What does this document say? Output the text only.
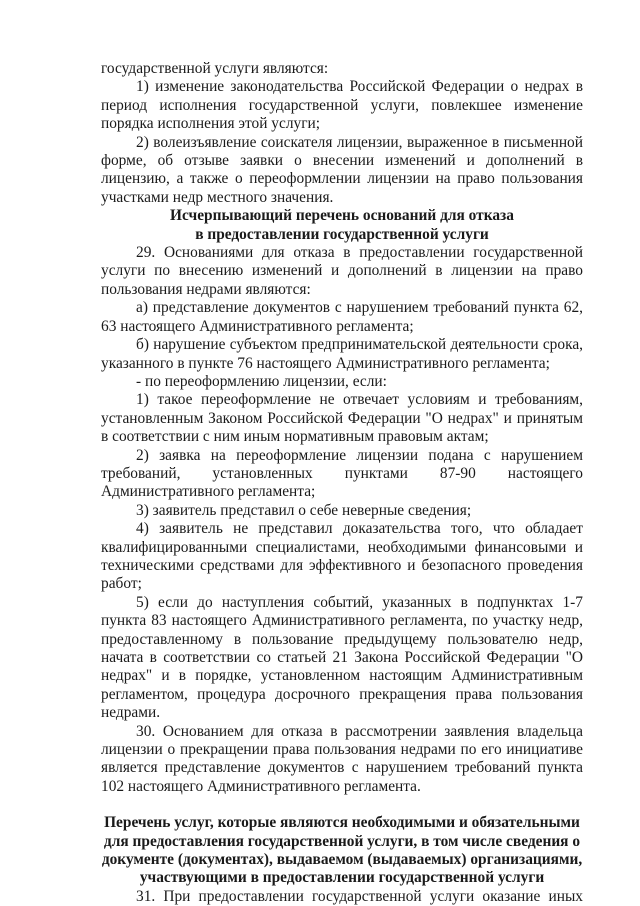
государственной услуги являются:

1) изменение законодательства Российской Федерации о недрах в период исполнения государственной услуги, повлекшее изменение порядка исполнения этой услуги;

2) волеизъявление соискателя лицензии, выраженное в письменной форме, об отзыве заявки о внесении изменений и дополнений в лицензию, а также о переоформлении лицензии на право пользования участками недр местного значения.

Исчерпывающий перечень оснований для отказа

в предоставлении государственной услуги

29. Основаниями для отказа в предоставлении государственной услуги по внесению изменений и дополнений в лицензии на право пользования недрами являются:

а) представление документов с нарушением требований пункта 62, 63 настоящего Административного регламента;

б) нарушение субъектом предпринимательской деятельности срока, указанного в пункте 76 настоящего Административного регламента;

- по переоформлению лицензии, если:

1) такое переоформление не отвечает условиям и требованиям, установленным Законом Российской Федерации "О недрах" и принятым в соответствии с ним иным нормативным правовым актам;

2) заявка на переоформление лицензии подана с нарушением требований, установленных пунктами 87-90 настоящего Административного регламента;

3) заявитель представил о себе неверные сведения;

4) заявитель не представил доказательства того, что обладает квалифицированными специалистами, необходимыми финансовыми и техническими средствами для эффективного и безопасного проведения работ;

5) если до наступления событий, указанных в подпунктах 1-7 пункта 83 настоящего Административного регламента, по участку недр, предоставленному в пользование предыдущему пользователю недр, начата в соответствии со статьей 21 Закона Российской Федерации "О недрах" и в порядке, установленном настоящим Административным регламентом, процедура досрочного прекращения права пользования недрами.

30. Основанием для отказа в рассмотрении заявления владельца лицензии о прекращении права пользования недрами по его инициативе является представление документов с нарушением требований пункта 102 настоящего Административного регламента.

Перечень услуг, которые являются необходимыми и обязательными

для предоставления государственной услуги, в том числе сведения о

документе (документах), выдаваемом (выдаваемых) организациями,

участвующими в предоставлении государственной услуги

31. При предоставлении государственной услуги оказание иных
